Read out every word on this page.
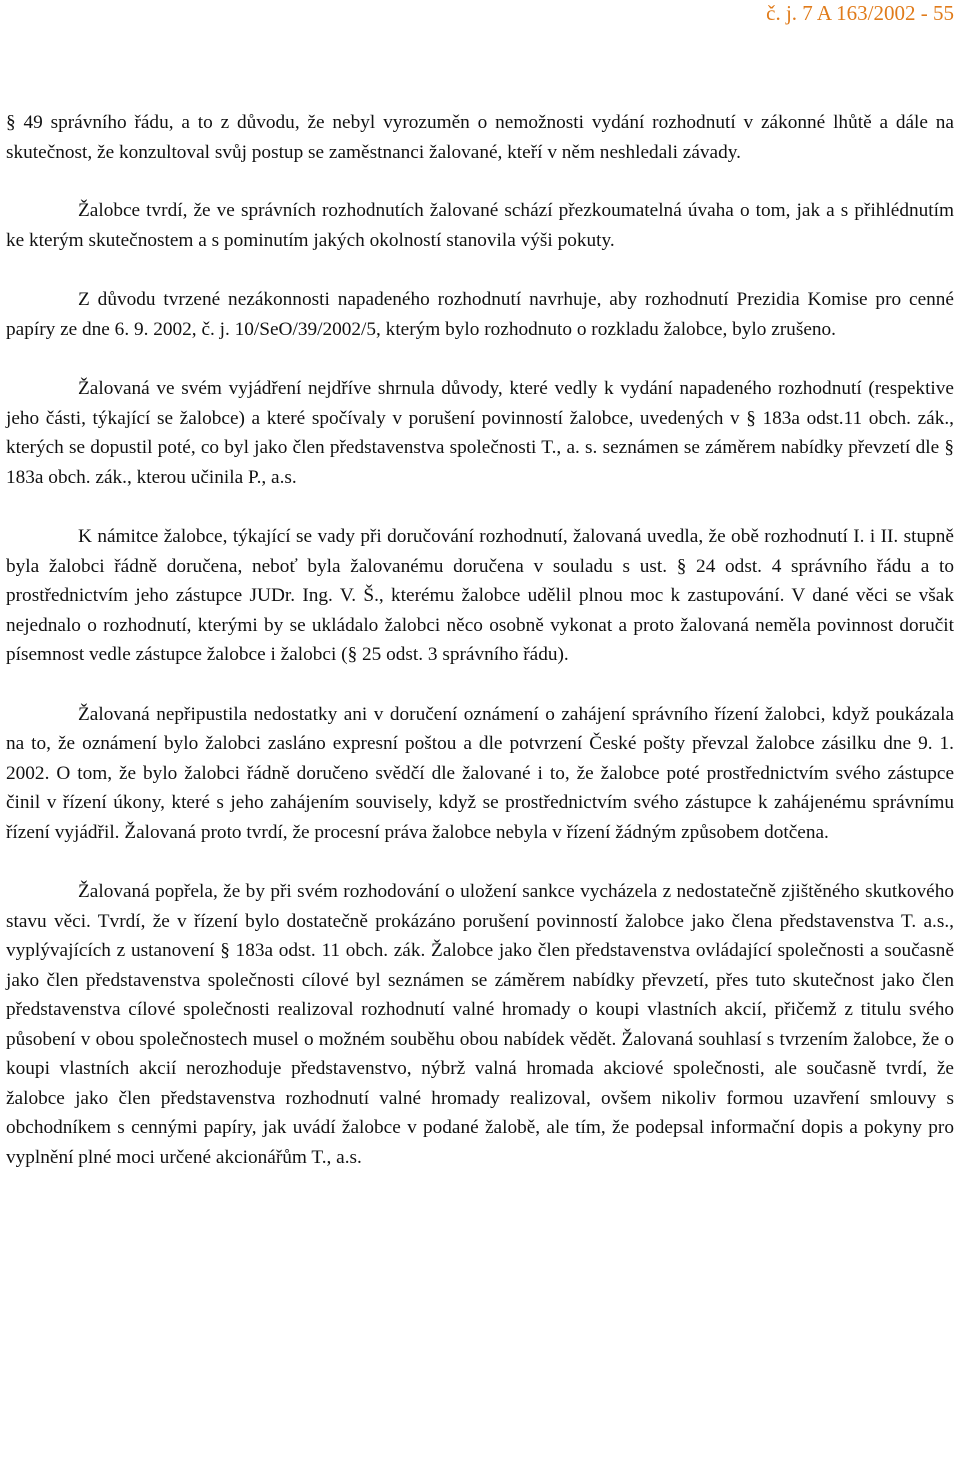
č. j. 7 A 163/2002 - 55

§ 49 správního řádu, a to z důvodu, že nebyl vyrozuměn o nemožnosti vydání rozhodnutí v zákonné lhůtě a dále na skutečnost, že konzultoval svůj postup se zaměstnanci žalované, kteří v něm neshledali závady.

Žalobce tvrdí, že ve správních rozhodnutích žalované schází přezkoumatelná úvaha o tom, jak a s přihlédnutím ke kterým skutečnostem a s pominutím jakých okolností stanovila výši pokuty.

Z důvodu tvrzené nezákonnosti napadeného rozhodnutí navrhuje, aby rozhodnutí Prezidia Komise pro cenné papíry ze dne 6. 9. 2002, č. j. 10/SeO/39/2002/5, kterým bylo rozhodnuto o rozkladu žalobce, bylo zrušeno.

Žalovaná ve svém vyjádření nejdříve shrnula důvody, které vedly k vydání napadeného rozhodnutí (respektive jeho části, týkající se žalobce) a které spočívaly v porušení povinností žalobce, uvedených v § 183a odst.11 obch. zák., kterých se dopustil poté, co byl jako člen představenstva společnosti T., a. s. seznámen se záměrem nabídky převzetí dle § 183a obch. zák., kterou učinila P., a.s.

K námitce žalobce, týkající se vady při doručování rozhodnutí, žalovaná uvedla, že obě rozhodnutí I. i II. stupně byla žalobci řádně doručena, neboť byla žalovanému doručena v souladu s ust. § 24 odst. 4 správního řádu a to prostřednictvím jeho zástupce JUDr. Ing. V. Š., kterému žalobce udělil plnou moc k zastupování. V dané věci se však nejednalo o rozhodnutí, kterými by se ukládalo žalobci něco osobně vykonat a proto žalovaná neměla povinnost doručit písemnost vedle zástupce žalobce i žalobci (§ 25 odst. 3 správního řádu).

Žalovaná nepřipustila nedostatky ani v doručení oznámení o zahájení správního řízení žalobci, když poukázala na to, že oznámení bylo žalobci zasláno expresní poštou a dle potvrzení České pošty převzal žalobce zásilku dne 9. 1. 2002. O tom, že bylo žalobci řádně doručeno svědčí dle žalované i to, že žalobce poté prostřednictvím svého zástupce činil v řízení úkony, které s jeho zahájením souvisely, když se prostřednictvím svého zástupce k zahájenému správnímu řízení vyjádřil. Žalovaná proto tvrdí, že procesní práva žalobce nebyla v řízení žádným způsobem dotčena.

Žalovaná popřela, že by při svém rozhodování o uložení sankce vycházela z nedostatečně zjištěného skutkového stavu věci. Tvrdí, že v řízení bylo dostatečně prokázáno porušení povinností žalobce jako člena představenstva T. a.s., vyplývajících z ustanovení § 183a odst. 11 obch. zák. Žalobce jako člen představenstva ovládající společnosti a současně jako člen představenstva společnosti cílové byl seznámen se záměrem nabídky převzetí, přes tuto skutečnost jako člen představenstva cílové společnosti realizoval rozhodnutí valné hromady o koupi vlastních akcií, přičemž z titulu svého působení v obou společnostech musel o možném souběhu obou nabídek vědět. Žalovaná souhlasí s tvrzením žalobce, že o koupi vlastních akcií nerozhoduje představenstvo, nýbrž valná hromada akciové společnosti, ale současně tvrdí, že žalobce jako člen představenstva rozhodnutí valné hromady realizoval, ovšem nikoliv formou uzavření smlouvy s obchodníkem s cennými papíry, jak uvádí žalobce v podané žalobě, ale tím, že podepsal informační dopis a pokyny pro vyplnění plné moci určené akcionářům T., a.s.
